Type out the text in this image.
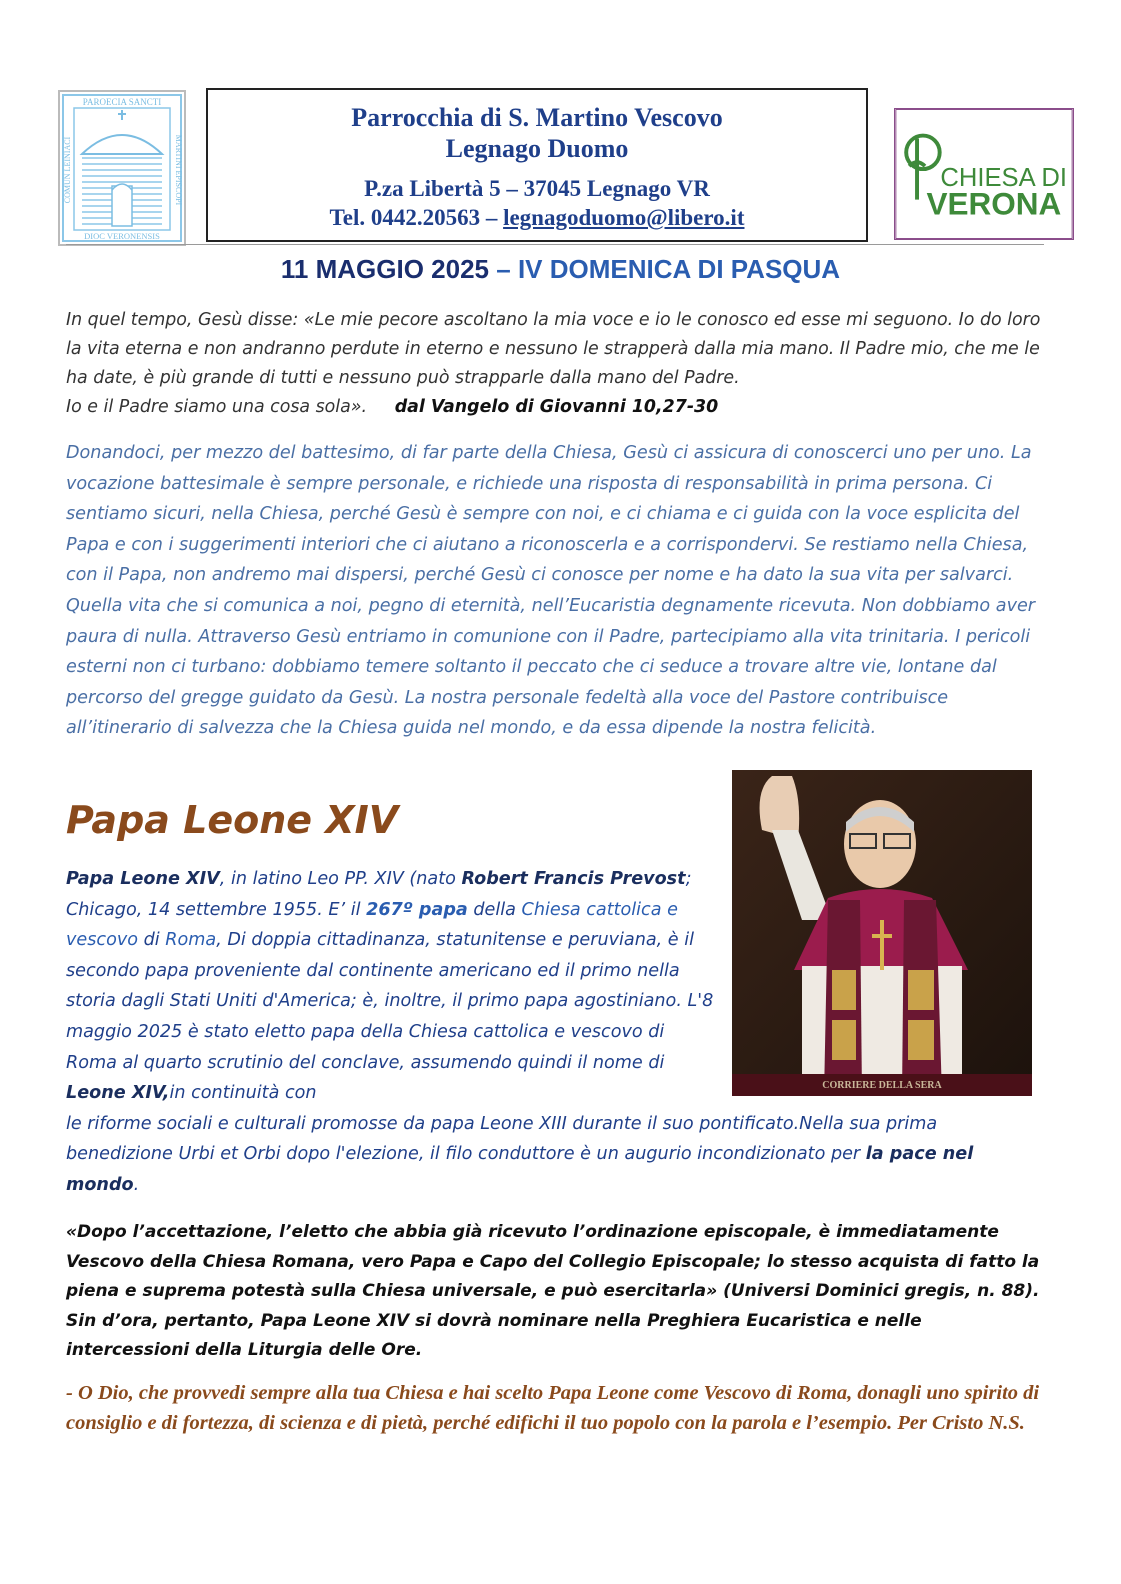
PAROECIA SANCTI
DIOC VERONENSIS
COMUN LEINIACI	MARTINI EPISCOPI
Parrocchia di S. Martino Vescovo
Legnago Duomo
P.za Libertà 5 – 37045 Legnago VR
Tel. 0442.20563 – legnagoduomo@libero.it
CHIESA DI
VERONA
11 MAGGIO 2025 – IV DOMENICA DI PASQUA
In quel tempo, Gesù disse: «Le mie pecore ascoltano la mia voce e io le conosco ed esse mi seguono. Io do loro la vita eterna e non andranno perdute in eterno e nessuno le strapperà dalla mia mano. Il Padre mio, che me le ha date, è più grande di tutti e nessuno può strapparle dalla mano del Padre.
Io e il Padre siamo una cosa sola». dal Vangelo di Giovanni 10,27-30
Donandoci, per mezzo del battesimo, di far parte della Chiesa, Gesù ci assicura di conoscerci uno per uno. La vocazione battesimale è sempre personale, e richiede una risposta di responsabilità in prima persona. Ci sentiamo sicuri, nella Chiesa, perché Gesù è sempre con noi, e ci chiama e ci guida con la voce esplicita del Papa e con i suggerimenti interiori che ci aiutano a riconoscerla e a corrispondervi. Se restiamo nella Chiesa, con il Papa, non andremo mai dispersi, perché Gesù ci conosce per nome e ha dato la sua vita per salvarci. Quella vita che si comunica a noi, pegno di eternità, nell’Eucaristia degnamente ricevuta. Non dobbiamo aver paura di nulla. Attraverso Gesù entriamo in comunione con il Padre, partecipiamo alla vita trinitaria. I pericoli esterni non ci turbano: dobbiamo temere soltanto il peccato che ci seduce a trovare altre vie, lontane dal percorso del gregge guidato da Gesù. La nostra personale fedeltà alla voce del Pastore contribuisce all’itinerario di salvezza che la Chiesa guida nel mondo, e da essa dipende la nostra felicità.
Papa Leone XIV
CORRIERE DELLA SERA
Papa Leone XIV, in latino Leo PP. XIV (nato Robert Francis Prevost; Chicago, 14 settembre 1955. E’ il 267º papa della Chiesa cattolica e vescovo di Roma, Di doppia cittadinanza, statunitense e peruviana, è il secondo papa proveniente dal continente americano ed il primo nella storia dagli Stati Uniti d'America; è, inoltre, il primo papa agostiniano. L'8 maggio 2025 è stato eletto papa della Chiesa cattolica e vescovo di Roma al quarto scrutinio del conclave, assumendo quindi il nome di Leone XIV,in continuità con
le riforme sociali e culturali promosse da papa Leone XIII durante il suo pontificato.Nella sua prima benedizione Urbi et Orbi dopo l'elezione, il filo conduttore è un augurio incondizionato per la pace nel mondo.
«Dopo l’accettazione, l’eletto che abbia già ricevuto l’ordinazione episcopale, è immediatamente Vescovo della Chiesa Romana, vero Papa e Capo del Collegio Episcopale; lo stesso acquista di fatto la piena e suprema potestà sulla Chiesa universale, e può esercitarla» (Universi Dominici gregis, n. 88). Sin d’ora, pertanto, Papa Leone XIV si dovrà nominare nella Preghiera Eucaristica e nelle intercessioni della Liturgia delle Ore.
- O Dio, che provvedi sempre alla tua Chiesa e hai scelto Papa Leone come Vescovo di Roma, donagli uno spirito di consiglio e di fortezza, di scienza e di pietà, perché edifichi il tuo popolo con la parola e l’esempio. Per Cristo N.S.
